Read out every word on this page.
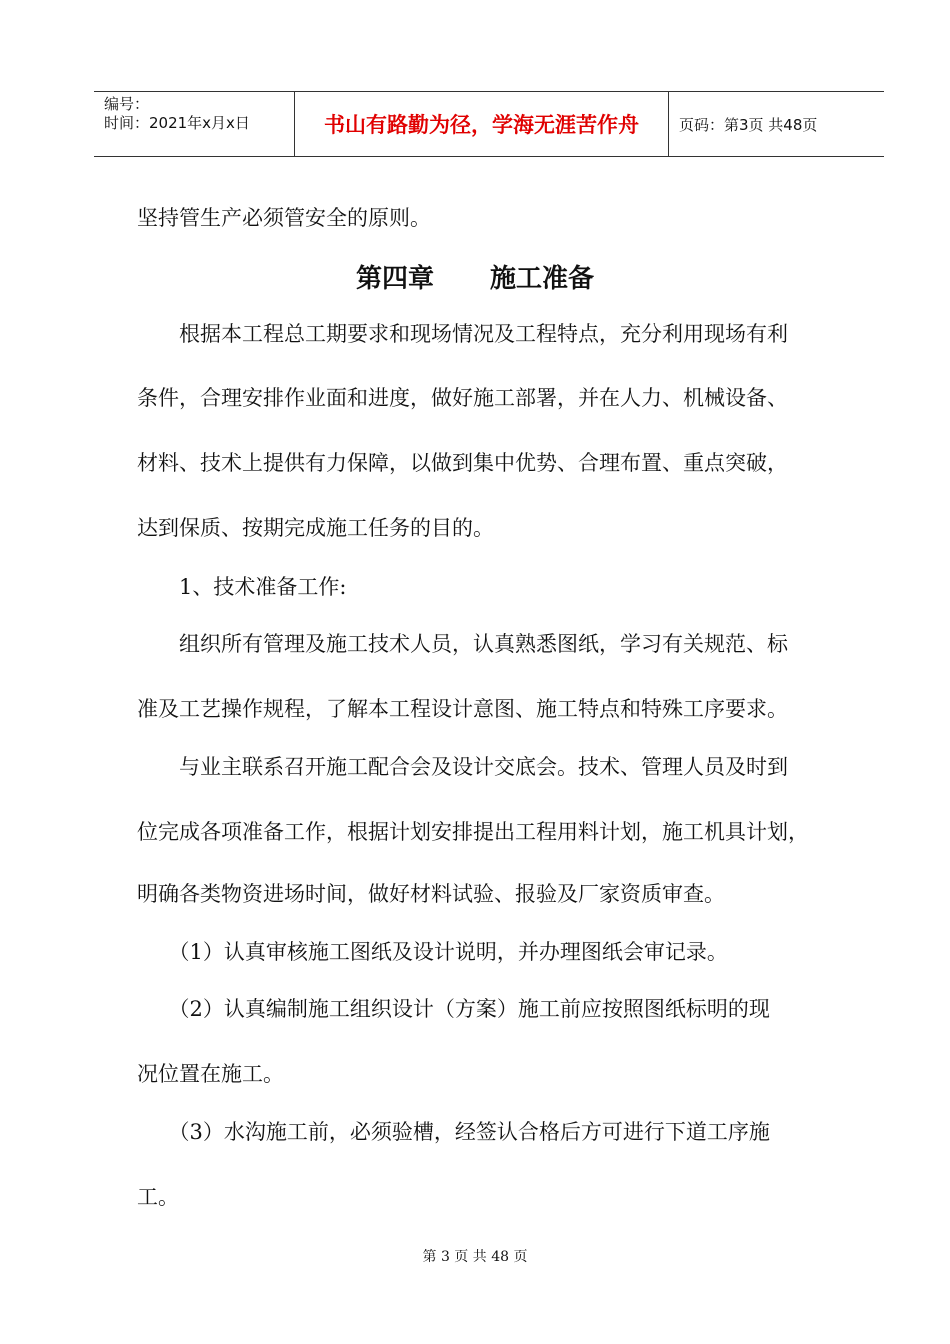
编号：
时间：2021年x月x日	书山有路勤为径，学海无涯苦作舟	页码：第3页 共48页

坚持管生产必须管安全的原则。

第四章 施工准备

　　根据本工程总工期要求和现场情况及工程特点，充分利用现场有利

条件，合理安排作业面和进度，做好施工部署，并在人力、机械设备、

材料、技术上提供有力保障，以做到集中优势、合理布置、重点突破，

达到保质、按期完成施工任务的目的。

　　1、技术准备工作:

　　组织所有管理及施工技术人员，认真熟悉图纸，学习有关规范、标

准及工艺操作规程，了解本工程设计意图、施工特点和特殊工序要求。

　　与业主联系召开施工配合会及设计交底会。技术、管理人员及时到

位完成各项准备工作，根据计划安排提出工程用料计划，施工机具计划，

明确各类物资进场时间，做好材料试验、报验及厂家资质审查。

　　（1）认真审核施工图纸及设计说明，并办理图纸会审记录。

　　（2）认真编制施工组织设计（方案）施工前应按照图纸标明的现

况位置在施工。

　　（3）水沟施工前，必须验槽，经签认合格后方可进行下道工序施

工。

第 3 页 共 48 页
